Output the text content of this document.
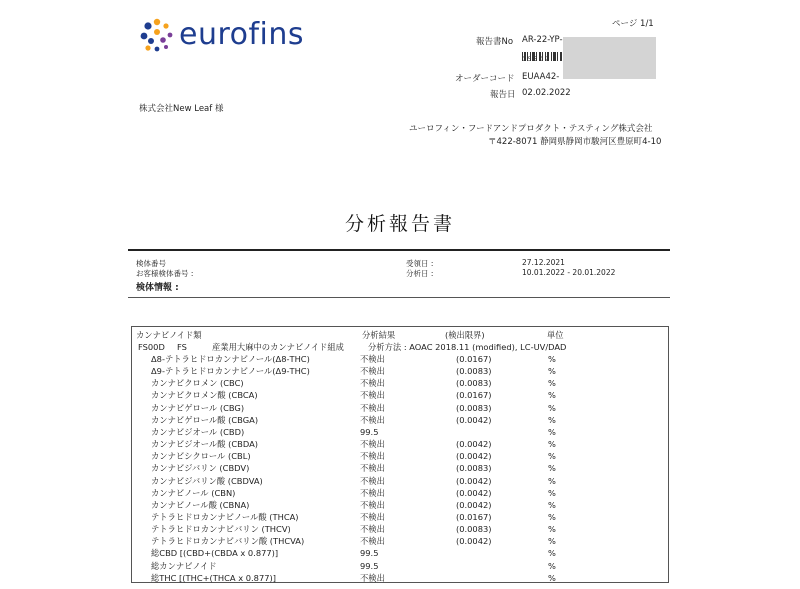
eurofins	ページ 1/1
報告書No AR-22-YP-
0 5 5 0 9
オーダーコード EUAA42-
報告日 02.02.2022
株式会社New Leaf 様
ユーロフィン・フードアンドプロダクト・テスティング株式会社
〒422-8071 静岡県静岡市駿河区豊原町4-10
分析報告書
検体番号
お客様検体番号 :
検体情報 :
受領日 :	27.12.2021
分析日 :	10.01.2022 - 20.01.2022
カンナビノイド類	分析結果	(検出限界)	単位
FS00D FS	産業用大麻中のカンナビノイド組成	分析方法 : AOAC 2018.11 (modified), LC-UV/DAD
Δ8-テトラヒドロカンナビノール(Δ8-THC)	不検出	(0.0167)	%
Δ9-テトラヒドロカンナビノール(Δ9-THC)	不検出	(0.0083)	%
カンナビクロメン (CBC)	不検出	(0.0083)	%
カンナビクロメン酸 (CBCA)	不検出	(0.0167)	%
カンナビゲロール (CBG)	不検出	(0.0083)	%
カンナビゲロール酸 (CBGA)	不検出	(0.0042)	%
カンナビジオール (CBD)	99.5	%
カンナビジオール酸 (CBDA)	不検出	(0.0042)	%
カンナビシクロール (CBL)	不検出	(0.0042)	%
カンナビジバリン (CBDV)	不検出	(0.0083)	%
カンナビジバリン酸 (CBDVA)	不検出	(0.0042)	%
カンナビノール (CBN)	不検出	(0.0042)	%
カンナビノール酸 (CBNA)	不検出	(0.0042)	%
テトラヒドロカンナビノール酸 (THCA)	不検出	(0.0167)	%
テトラヒドロカンナビバリン (THCV)	不検出	(0.0083)	%
テトラヒドロカンナビバリン酸 (THCVA)	不検出	(0.0042)	%
総CBD [(CBD+(CBDA x 0.877)]	99.5	%
総カンナビノイド	99.5	%
総THC [(THC+(THCA x 0.877)]	不検出	%
